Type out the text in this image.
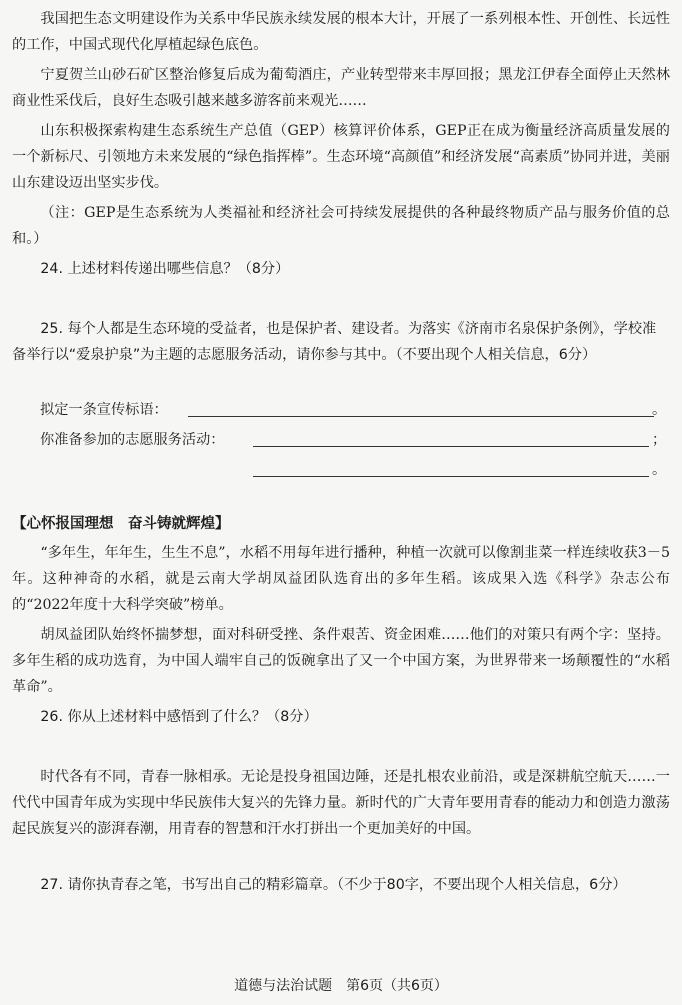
我国把生态文明建设作为关系中华民族永续发展的根本大计，开展了一系列根本性、开创性、长远性的工作，中国式现代化厚植起绿色底色。

宁夏贺兰山砂石矿区整治修复后成为葡萄酒庄，产业转型带来丰厚回报；黑龙江伊春全面停止天然林商业性采伐后，良好生态吸引越来越多游客前来观光……

山东积极探索构建生态系统生产总值（GEP）核算评价体系，GEP正在成为衡量经济高质量发展的一个新标尺、引领地方未来发展的“绿色指挥棒”。生态环境“高颜值”和经济发展“高素质”协同并进，美丽山东建设迈出坚实步伐。

（注：GEP是生态系统为人类福祉和经济社会可持续发展提供的各种最终物质产品与服务价值的总和。）

24. 上述材料传递出哪些信息？（8分）

25. 每个人都是生态环境的受益者，也是保护者、建设者。为落实《济南市名泉保护条例》，学校准备举行以“爱泉护泉”为主题的志愿服务活动，请你参与其中。（不要出现个人相关信息，6分）

拟定一条宣传标语：	。
你准备参加的志愿服务活动：	；
。

【心怀报国理想　奋斗铸就辉煌】

“多年生，年年生，生生不息”，水稻不用每年进行播种，种植一次就可以像割韭菜一样连续收获3－5年。这种神奇的水稻，就是云南大学胡凤益团队选育出的多年生稻。该成果入选《科学》杂志公布的“2022年度十大科学突破”榜单。

胡凤益团队始终怀揣梦想，面对科研受挫、条件艰苦、资金困难……他们的对策只有两个字：坚持。多年生稻的成功选育，为中国人端牢自己的饭碗拿出了又一个中国方案，为世界带来一场颠覆性的“水稻革命”。

26. 你从上述材料中感悟到了什么？（8分）

时代各有不同，青春一脉相承。无论是投身祖国边陲，还是扎根农业前沿，或是深耕航空航天……一代代中国青年成为实现中华民族伟大复兴的先锋力量。新时代的广大青年要用青春的能动力和创造力激荡起民族复兴的澎湃春潮，用青春的智慧和汗水打拼出一个更加美好的中国。

27. 请你执青春之笔，书写出自己的精彩篇章。（不少于80字，不要出现个人相关信息，6分）

道德与法治试题　第6页（共6页）
